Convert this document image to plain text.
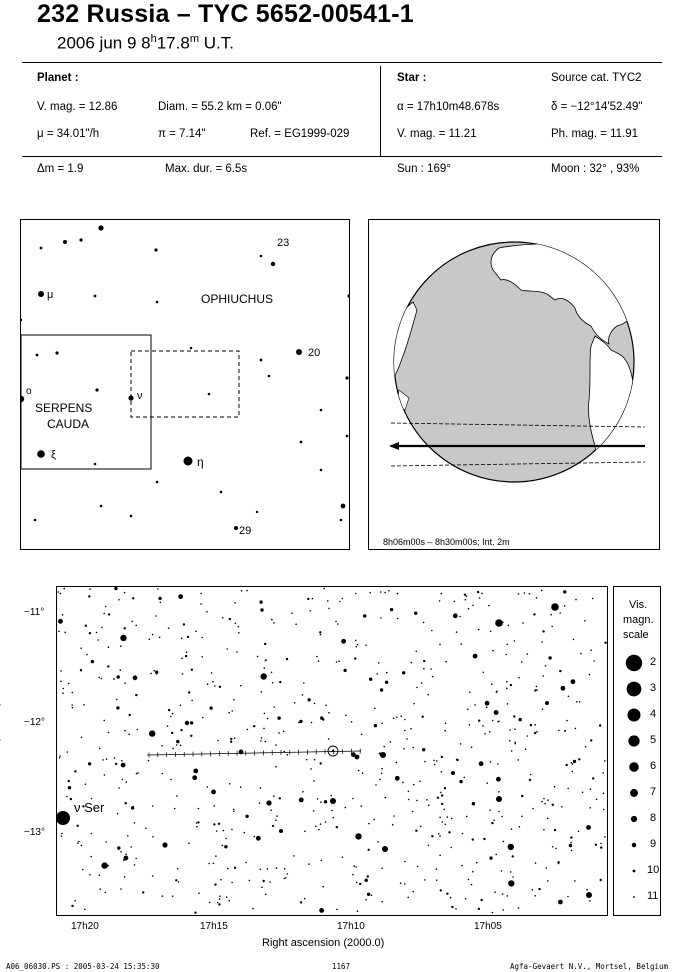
232 Russia – TYC 5652-00541-1
2006 jun 9 8$^h$17.8$^m$ U.T.
Planet :
V. mag. = 12.86	Diam. = 55.2 km = 0.06"
μ = 34.01"/h	π = 7.14"	Ref. = EG1999-029
Star :	Source cat. TYC2
α = 17h10m48.678s	δ = −12°14'52.49"
V. mag. = 11.21	Ph. mag. = 11.91
Δm = 1.9	Max. dur. = 6.5s	Sun : 169°	Moon : 32° , 93%
OPHIUCHUS
SERPENS
CAUDA
23
μ
20
o	ν
ξ	η
29
8h06m00s – 8h30m00s; Int. 2m
ν Ser
−11°
−12°
−13°
17h20	17h15	17h10	17h05
Right ascension (2000.0)
Vis.
magn.
scale
2
3
4
5
6
7
8
9
10
11
A06_06030.PS : 2005-03-24 15:35:30	1167	Agfa-Gevaert N.V., Mortsel, Belgium
